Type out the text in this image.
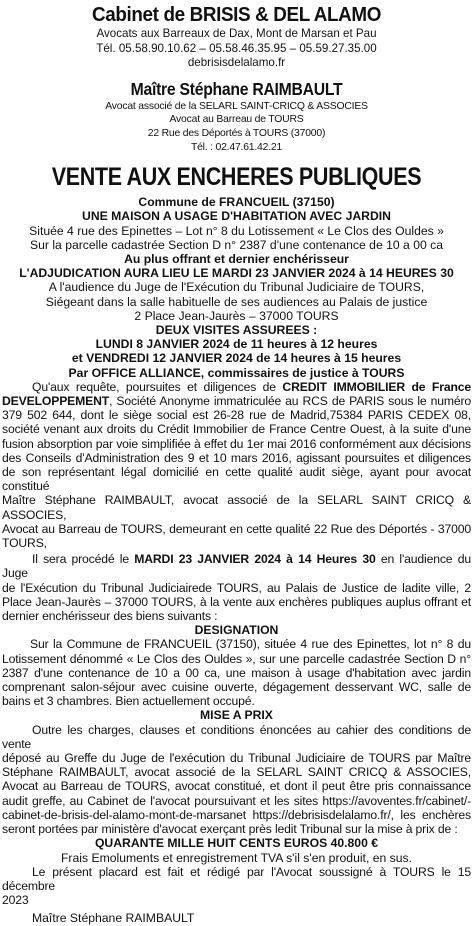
Cabinet de BRISIS & DEL ALAMO
Avocats aux Barreaux de Dax, Mont de Marsan et Pau
Tél. 05.58.90.10.62 – 05.58.46.35.95 – 05.59.27.35.00
debrisisdelalamo.fr
Maître Stéphane RAIMBAULT
Avocat associé de la SELARL SAINT-CRICQ & ASSOCIES
Avocat au Barreau de TOURS
22 Rue des Déportés à TOURS (37000)
Tél. : 02.47.61.42.21
VENTE AUX ENCHERES PUBLIQUES
Commune de FRANCUEIL (37150)
UNE MAISON A USAGE D'HABITATION AVEC JARDIN
Située 4 rue des Epinettes – Lot n° 8 du Lotissement « Le Clos des Ouldes »
Sur la parcelle cadastrée Section D n° 2387 d'une contenance de 10 a 00 ca
Au plus offrant et dernier enchérisseur
L'ADJUDICATION AURA LIEU LE MARDI 23 JANVIER 2024 à 14 HEURES 30
A l'audience du Juge de l'Exécution du Tribunal Judiciaire de TOURS,
Siégeant dans la salle habituelle de ses audiences au Palais de justice
2 Place Jean-Jaurès – 37000 TOURS
DEUX VISITES ASSUREES :
LUNDI 8 JANVIER 2024 de 11 heures à 12 heures
et VENDREDI 12 JANVIER 2024 de 14 heures à 15 heures
Par OFFICE ALLIANCE, commissaires de justice à TOURS
Qu'aux requête, poursuites et diligences de CREDIT IMMOBILIER de France
DEVELOPPEMENT, Société Anonyme immatriculée au RCS de PARIS sous le numéro
379 502 644, dont le siège social est 26-28 rue de Madrid,75384 PARIS CEDEX 08,
société venant aux droits du Crédit Immobilier de France Centre Ouest, à la suite d'une
fusion absorption par voie simplifiée à effet du 1er mai 2016 conformément aux décisions
des Conseils d'Administration des 9 et 10 mars 2016, agissant poursuites et diligences
de son représentant légal domicilié en cette qualité audit siège, ayant pour avocat constitué
Maître Stéphane RAIMBAULT, avocat associé de la SELARL SAINT CRICQ & ASSOCIES,
Avocat au Barreau de TOURS, demeurant en cette qualité 22 Rue des Déportés - 37000
TOURS,
Il sera procédé le MARDI 23 JANVIER 2024 à 14 Heures 30 en l'audience du Juge
de l'Exécution du Tribunal Judiciairede TOURS, au Palais de Justice de ladite ville, 2
Place Jean-Jaurès – 37000 TOURS, à la vente aux enchères publiques auplus offrant et
dernier enchérisseur des biens suivants :
DESIGNATION
Sur la Commune de FRANCUEIL (37150), située 4 rue des Epinettes, lot n° 8 du
Lotissement dénommé « Le Clos des Ouldes », sur une parcelle cadastrée Section D n°
2387 d'une contenance de 10 a 00 ca, une maison à usage d'habitation avec jardin
comprenant salon-séjour avec cuisine ouverte, dégagement desservant WC, salle de
bains et 3 chambres. Bien actuellement occupé.
MISE A PRIX
Outre les charges, clauses et conditions énoncées au cahier des conditions de vente
déposé au Greffe du Juge de l'exécution du Tribunal Judiciaire de TOURS par Maître
Stéphane RAIMBAULT, avocat associé de la SELARL SAINT CRICQ & ASSOCIES,
Avocat au Barreau de TOURS, avocat constitué, et dont il peut être pris connaissance
audit greffe, au Cabinet de l'avocat poursuivant et les sites https://avoventes.fr/cabinet/-
cabinet-de-brisis-del-alamo-mont-de-marsanet https://debrisisdelalamo.fr/, les enchères
seront portées par ministère d'avocat exerçant près ledit Tribunal sur la mise à prix de :
QUARANTE MILLE HUIT CENTS EUROS 40.800 €
Frais Emoluments et enregistrement TVA s'il s'en produit, en sus.
Le présent placard est fait et rédigé par l'Avocat soussigné à TOURS le 15 décembre
2023
Maître Stéphane RAIMBAULT
